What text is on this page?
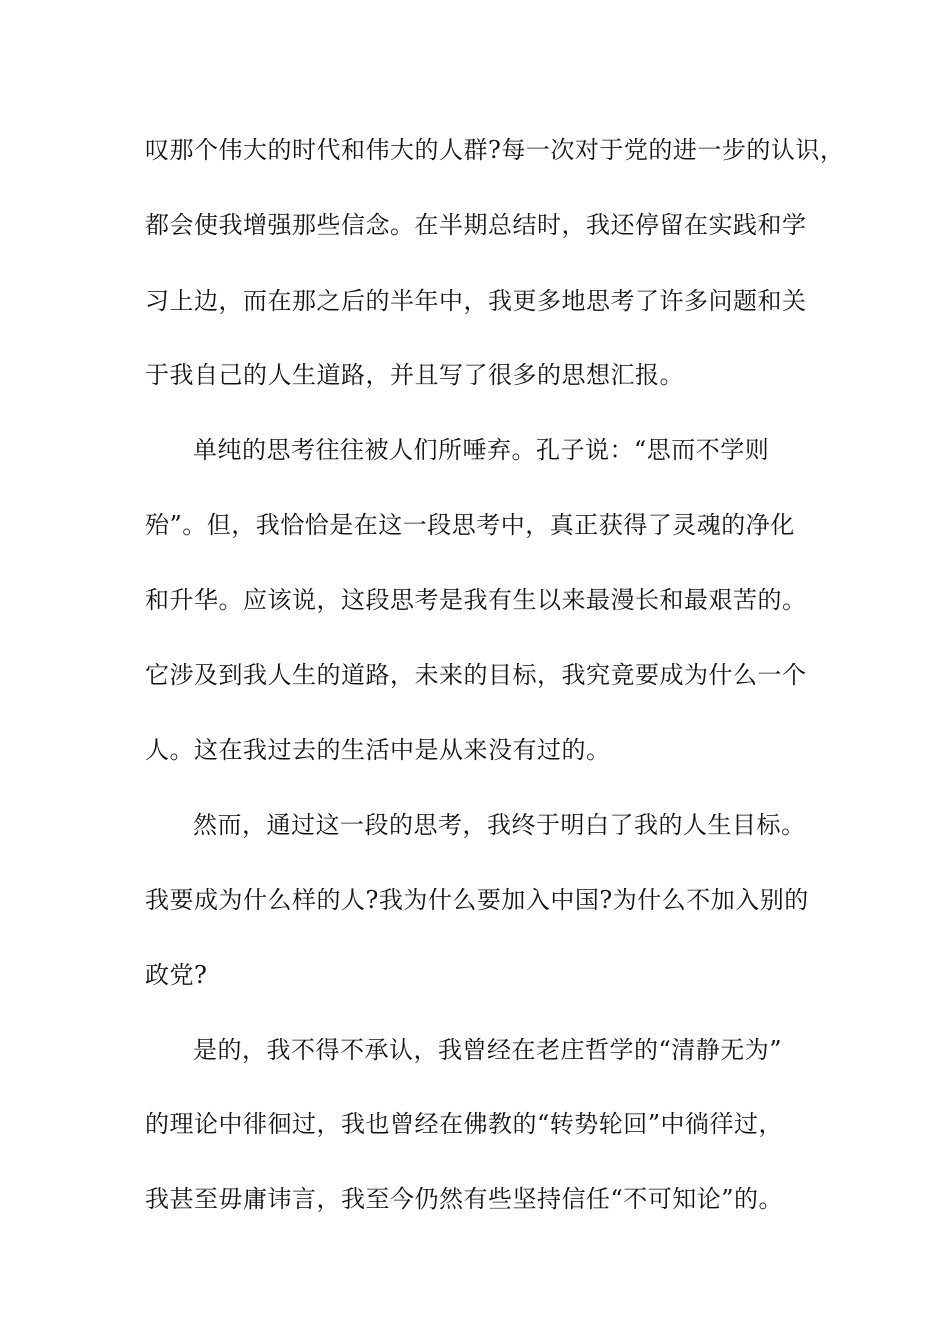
叹那个伟大的时代和伟大的人群?每一次对于党的进一步的认识，
都会使我增强那些信念。在半期总结时，我还停留在实践和学
习上边，而在那之后的半年中，我更多地思考了许多问题和关
于我自己的人生道路，并且写了很多的思想汇报。
单纯的思考往往被人们所唾弃。孔子说：“思而不学则
殆”。但，我恰恰是在这一段思考中，真正获得了灵魂的净化
和升华。应该说，这段思考是我有生以来最漫长和最艰苦的。
它涉及到我人生的道路，未来的目标，我究竟要成为什么一个
人。这在我过去的生活中是从来没有过的。
然而，通过这一段的思考，我终于明白了我的人生目标。
我要成为什么样的人?我为什么要加入中国?为什么不加入别的
政党?
是的，我不得不承认，我曾经在老庄哲学的“清静无为”
的理论中徘徊过，我也曾经在佛教的“转势轮回”中徜徉过，
我甚至毋庸讳言，我至今仍然有些坚持信任“不可知论”的。
